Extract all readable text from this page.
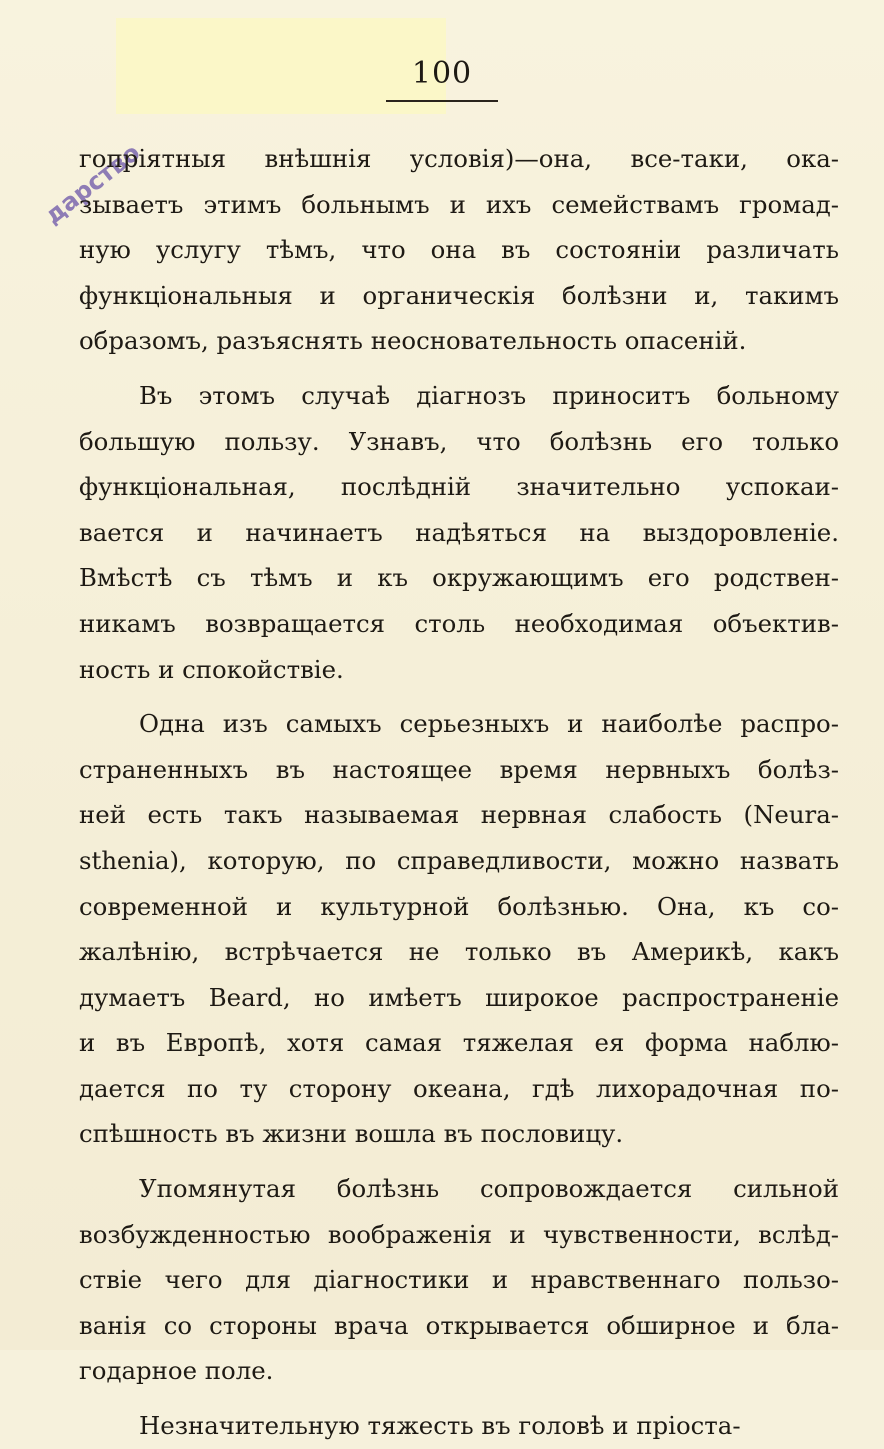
100
дарство
гопріятныя внѣшнія условія)—она, все-таки, ока-
зываетъ этимъ больнымъ и ихъ семействамъ громад-
ную услугу тѣмъ, что она въ состояніи различать
функціональныя и органическія болѣзни и, такимъ
образомъ, разъяснять неосновательность опасеній.
Въ этомъ случаѣ діагнозъ приноситъ больному
большую пользу. Узнавъ, что болѣзнь его только
функціональная, послѣдній значительно успокаи-
вается и начинаетъ надѣяться на выздоровленіе.
Вмѣстѣ съ тѣмъ и къ окружающимъ его родствен-
никамъ возвращается столь необходимая объектив-
ность и спокойствіе.
Одна изъ самыхъ серьезныхъ и наиболѣе распро-
страненныхъ въ настоящее время нервныхъ болѣз-
ней есть такъ называемая нервная слабость (Neura-
sthenia), которую, по справедливости, можно назвать
современной и культурной болѣзнью. Она, къ со-
жалѣнію, встрѣчается не только въ Америкѣ, какъ
думаетъ Beard, но имѣетъ широкое распространеніе
и въ Европѣ, хотя самая тяжелая ея форма наблю-
дается по ту сторону океана, гдѣ лихорадочная по-
спѣшность въ жизни вошла въ пословицу.
Упомянутая болѣзнь сопровождается сильной
возбужденностью воображенія и чувственности, вслѣд-
ствіе чего для діагностики и нравственнаго пользо-
ванія со стороны врача открывается обширное и бла-
годарное поле.
Незначительную тяжесть въ головѣ и пріоста-
